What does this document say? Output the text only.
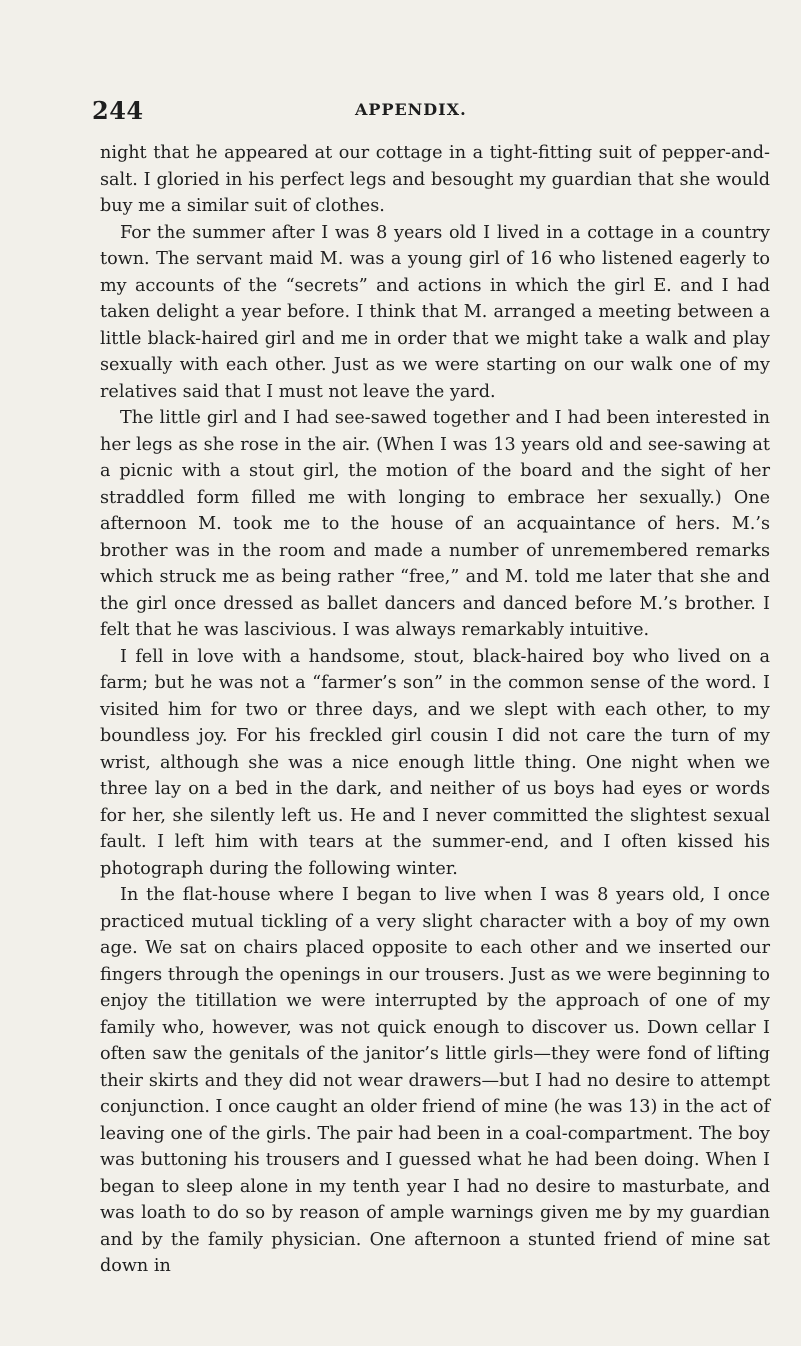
244	APPENDIX.

night that he appeared at our cottage in a tight-fitting suit of pepper-and-salt. I gloried in his perfect legs and besought my guardian that she would buy me a similar suit of clothes.

For the summer after I was 8 years old I lived in a cottage in a country town. The servant maid M. was a young girl of 16 who listened eagerly to my accounts of the “secrets” and actions in which the girl E. and I had taken delight a year before. I think that M. arranged a meeting between a little black-haired girl and me in order that we might take a walk and play sexually with each other. Just as we were starting on our walk one of my relatives said that I must not leave the yard.

The little girl and I had see-sawed together and I had been interested in her legs as she rose in the air. (When I was 13 years old and see-sawing at a picnic with a stout girl, the motion of the board and the sight of her straddled form filled me with longing to embrace her sexually.) One afternoon M. took me to the house of an acquaintance of hers. M.’s brother was in the room and made a number of unremembered remarks which struck me as being rather “free,” and M. told me later that she and the girl once dressed as ballet dancers and danced before M.’s brother. I felt that he was lascivious. I was always remarkably intuitive.

I fell in love with a handsome, stout, black-haired boy who lived on a farm; but he was not a “farmer’s son” in the common sense of the word. I visited him for two or three days, and we slept with each other, to my boundless joy. For his freckled girl cousin I did not care the turn of my wrist, although she was a nice enough little thing. One night when we three lay on a bed in the dark, and neither of us boys had eyes or words for her, she silently left us. He and I never committed the slightest sexual fault. I left him with tears at the summer-end, and I often kissed his photograph during the following winter.

In the flat-house where I began to live when I was 8 years old, I once practiced mutual tickling of a very slight character with a boy of my own age. We sat on chairs placed opposite to each other and we inserted our fingers through the openings in our trousers. Just as we were beginning to enjoy the titillation we were interrupted by the approach of one of my family who, however, was not quick enough to discover us. Down cellar I often saw the genitals of the janitor’s little girls—they were fond of lifting their skirts and they did not wear drawers—but I had no desire to attempt conjunction. I once caught an older friend of mine (he was 13) in the act of leaving one of the girls. The pair had been in a coal-compartment. The boy was buttoning his trousers and I guessed what he had been doing. When I began to sleep alone in my tenth year I had no desire to masturbate, and was loath to do so by reason of ample warnings given me by my guardian and by the family physician. One afternoon a stunted friend of mine sat down in
